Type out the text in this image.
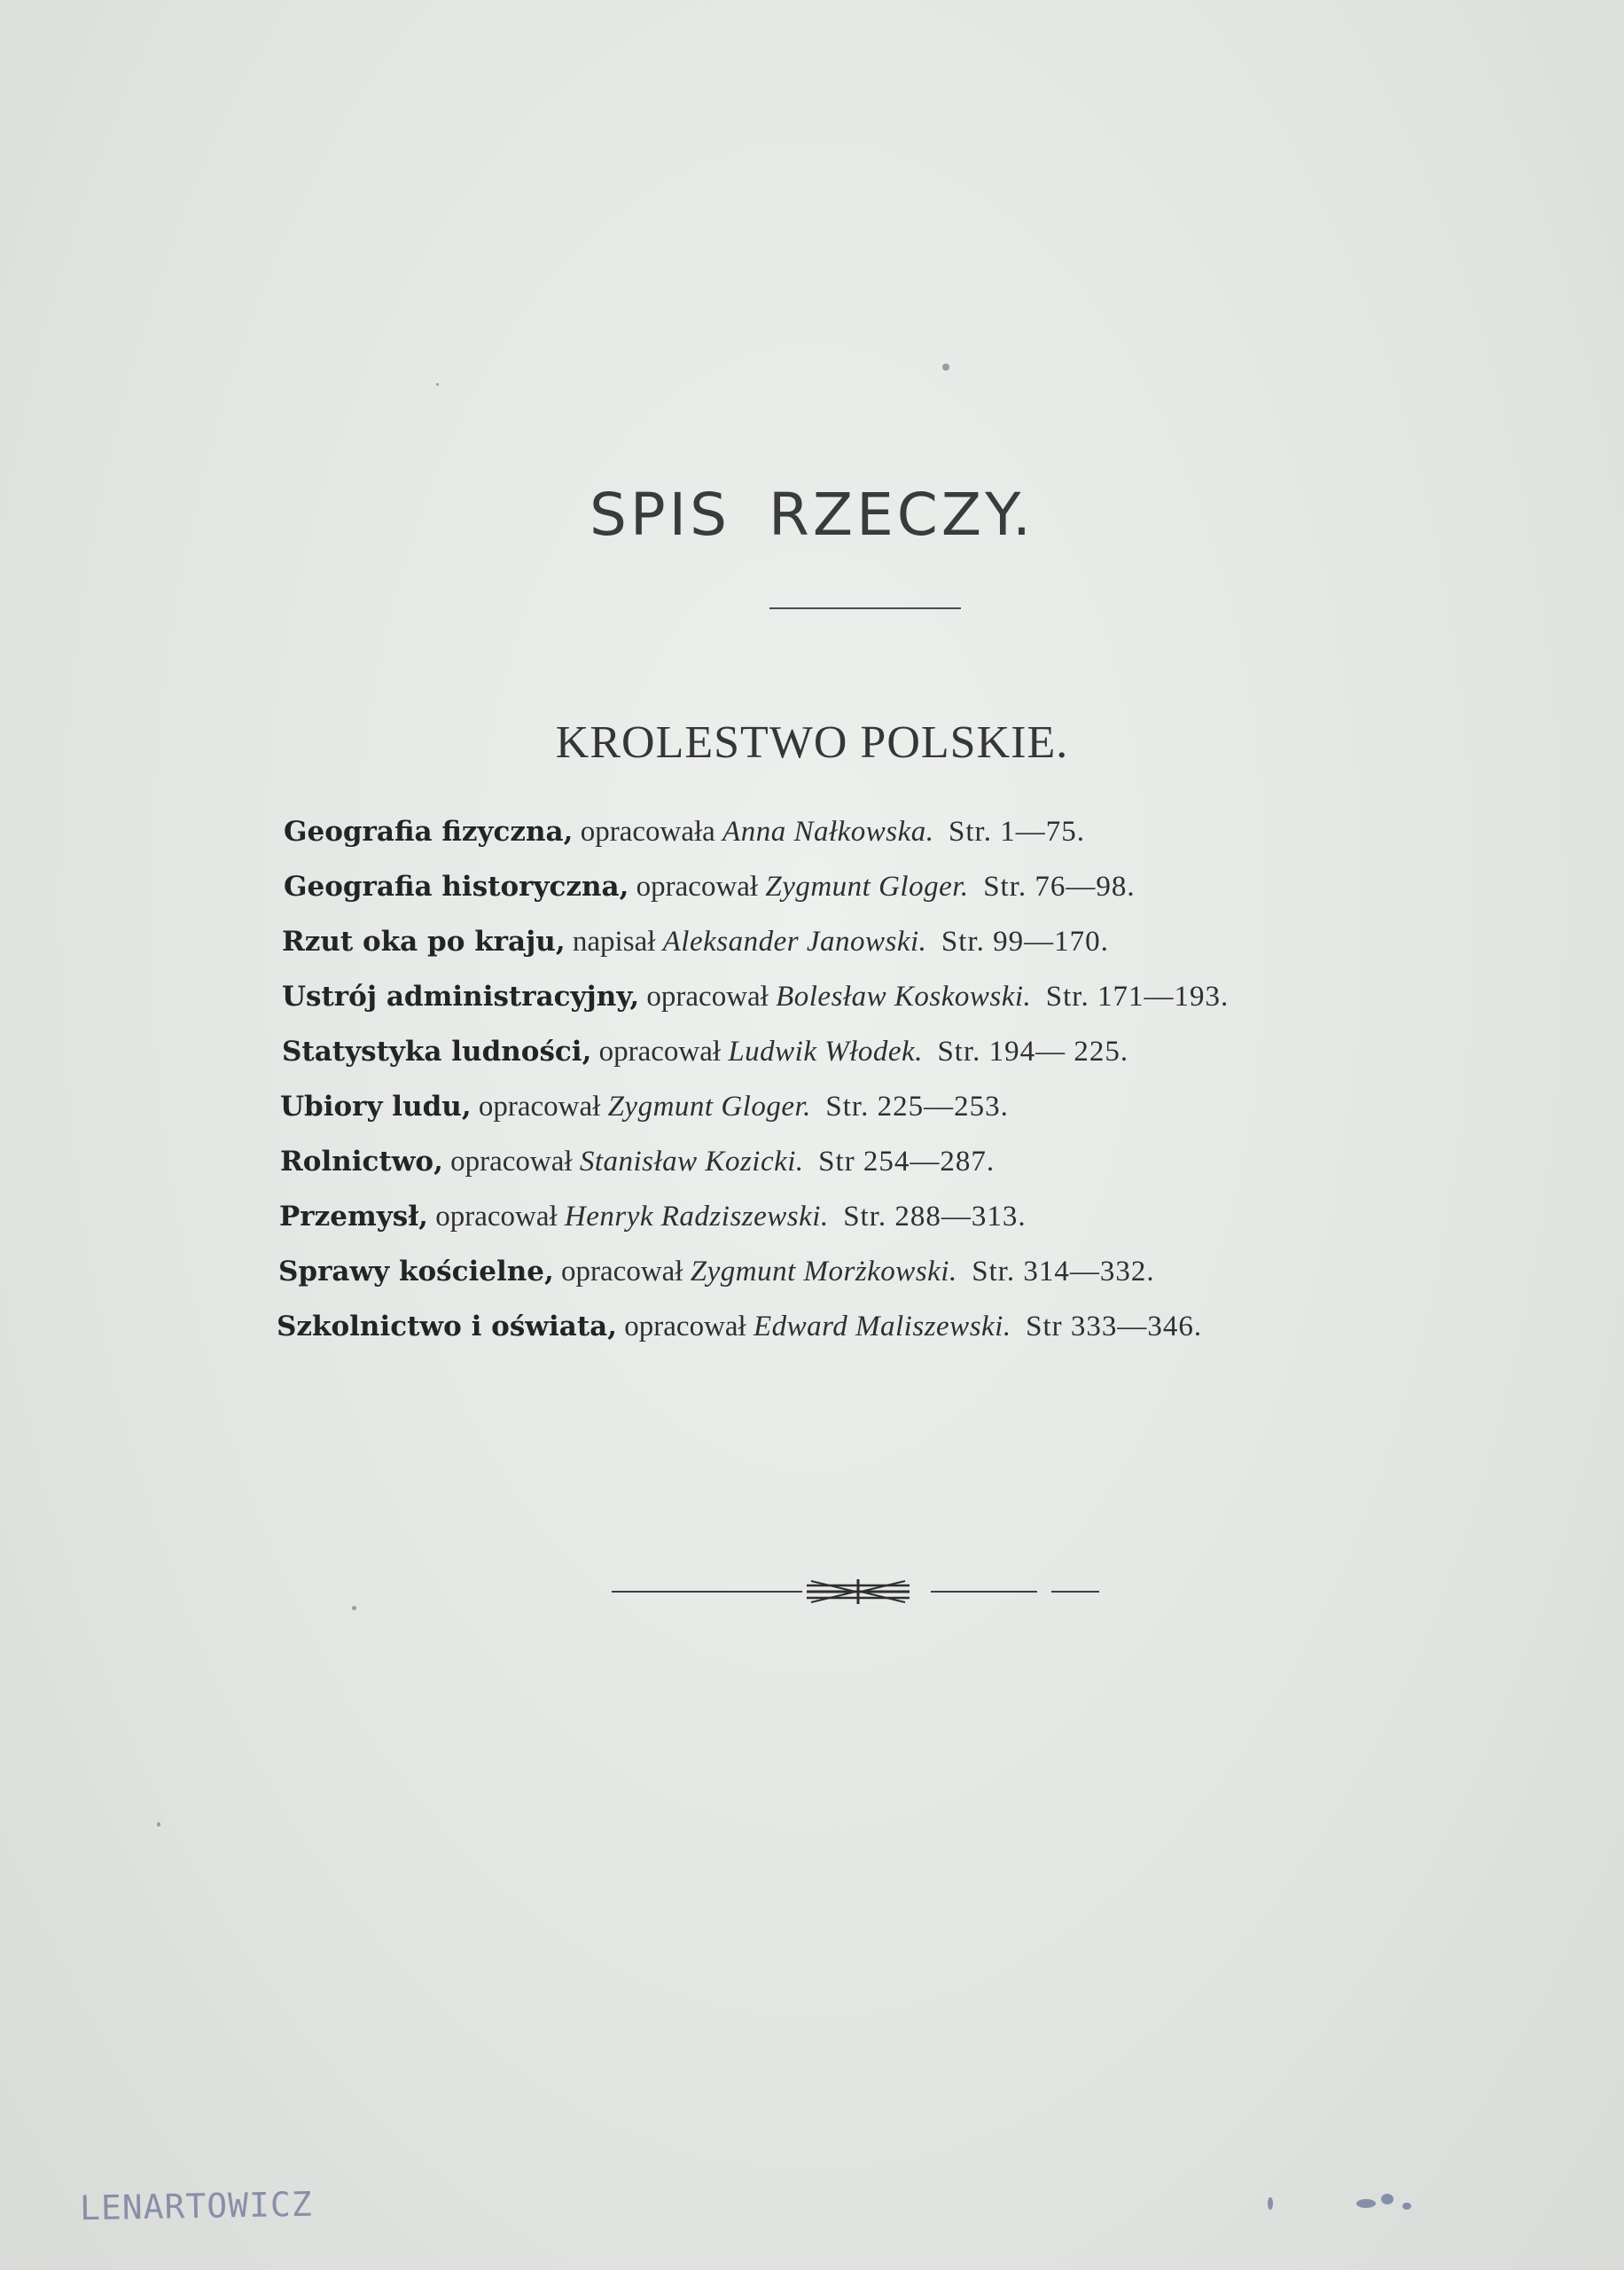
SPIS RZECZY.
KROLESTWO POLSKIE.
Geografia fizyczna, opracowała Anna Nałkowska. Str. 1—75.
Geografia historyczna, opracował Zygmunt Gloger. Str. 76—98.
Rzut oka po kraju, napisał Aleksander Janowski. Str. 99—170.
Ustrój administracyjny, opracował Bolesław Koskowski. Str. 171—193.
Statystyka ludności, opracował Ludwik Włodek. Str. 194— 225.
Ubiory ludu, opracował Zygmunt Gloger. Str. 225—253.
Rolnictwo, opracował Stanisław Kozicki. Str 254—287.
Przemysł, opracował Henryk Radziszewski. Str. 288—313.
Sprawy kościelne, opracował Zygmunt Morżkowski. Str. 314—332.
Szkolnictwo i oświata, opracował Edward Maliszewski. Str 333—346.
LENARTOWICZ
